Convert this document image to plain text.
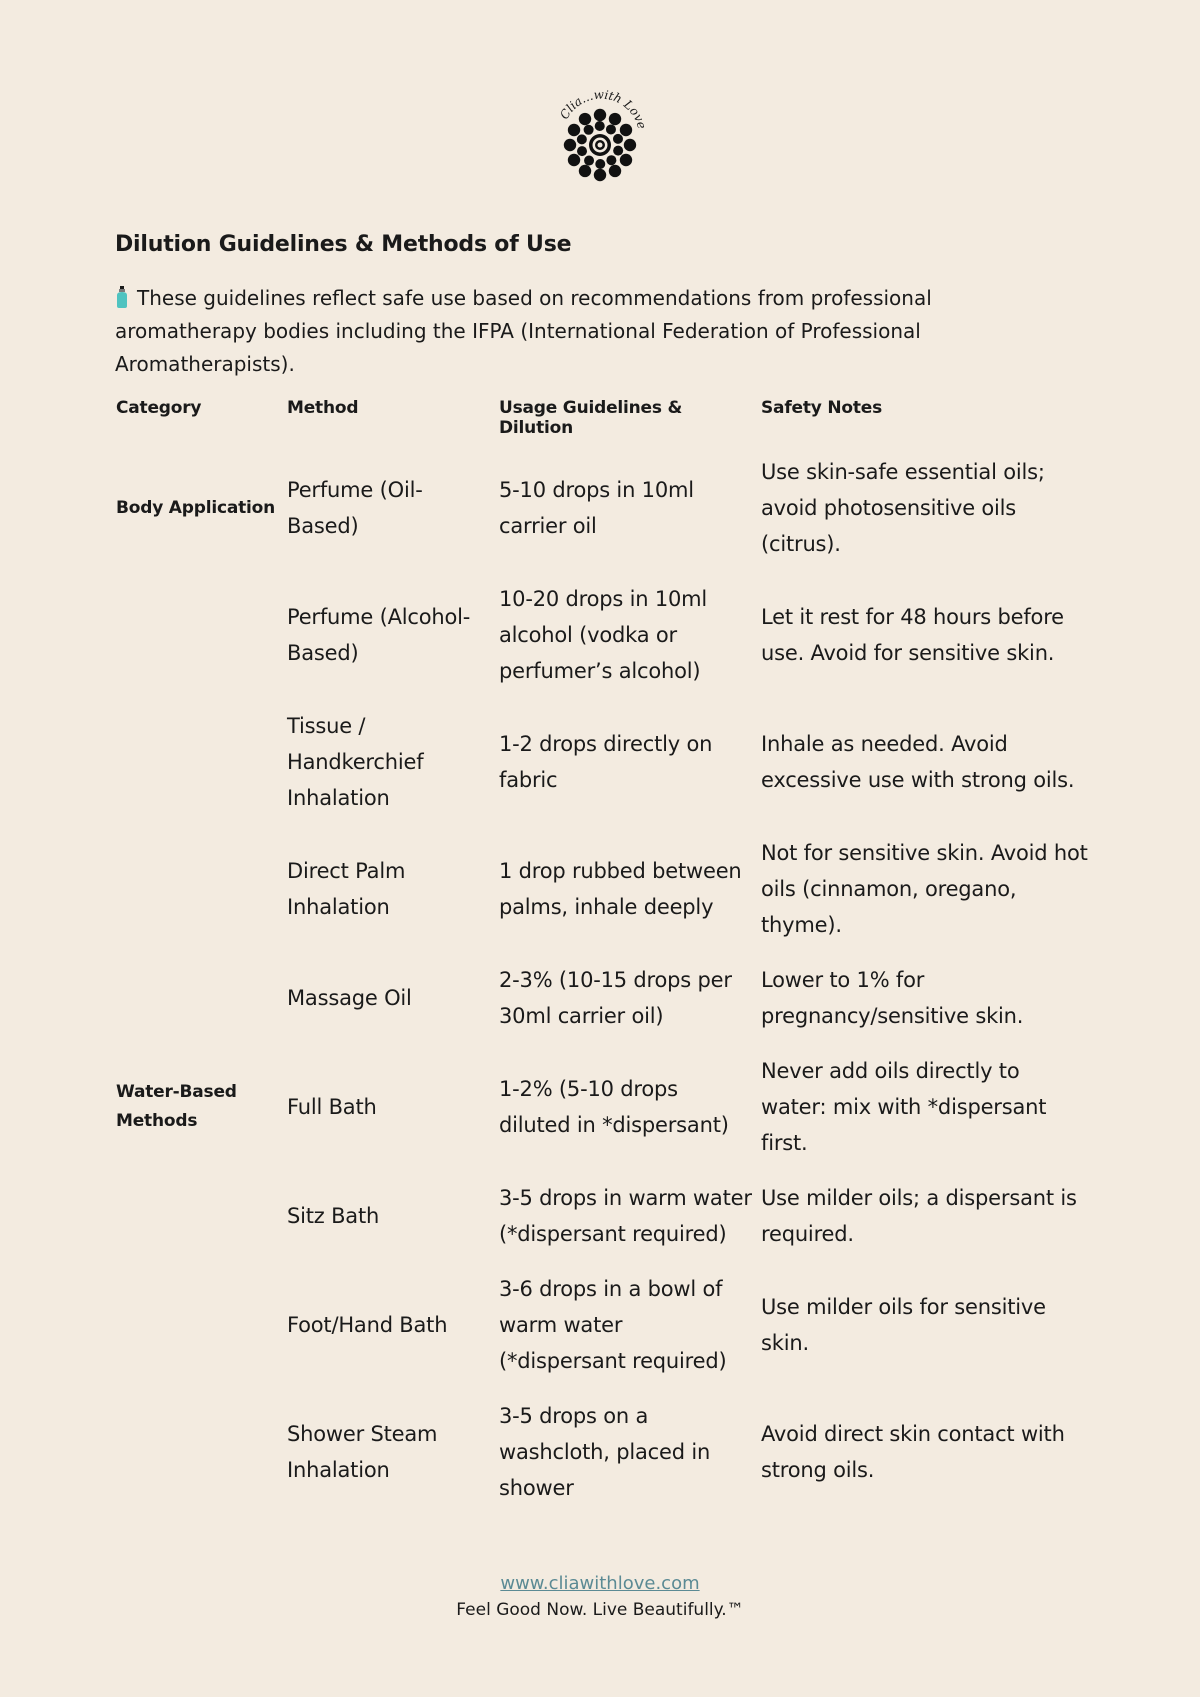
Clia...with Love
Dilution Guidelines & Methods of Use

These guidelines reflect safe use based on recommendations from professional aromatherapy bodies including the IFPA (International Federation of Professional Aromatherapists).

Category	Method	Usage Guidelines & Dilution	Safety Notes
Body Application	Perfume (Oil-Based)	5-10 drops in 10ml carrier oil	Use skin-safe essential oils; avoid photosensitive oils (citrus).
	Perfume (Alcohol-Based)	10-20 drops in 10ml alcohol (vodka or perfumer’s alcohol)	Let it rest for 48 hours before use. Avoid for sensitive skin.
	Tissue / Handkerchief Inhalation	1-2 drops directly on fabric	Inhale as needed. Avoid excessive use with strong oils.
	Direct Palm Inhalation	1 drop rubbed between palms, inhale deeply	Not for sensitive skin. Avoid hot oils (cinnamon, oregano, thyme).
	Massage Oil	2-3% (10-15 drops per 30ml carrier oil)	Lower to 1% for pregnancy/sensitive skin.
Water-Based Methods	Full Bath	1-2% (5-10 drops diluted in *dispersant)	Never add oils directly to water: mix with *dispersant first.
	Sitz Bath	3-5 drops in warm water (*dispersant required)	Use milder oils; a dispersant is required.
	Foot/Hand Bath	3-6 drops in a bowl of warm water (*dispersant required)	Use milder oils for sensitive skin.
	Shower Steam Inhalation	3-5 drops on a washcloth, placed in shower	Avoid direct skin contact with strong oils.
www.cliawithlove.com
Feel Good Now. Live Beautifully.™
